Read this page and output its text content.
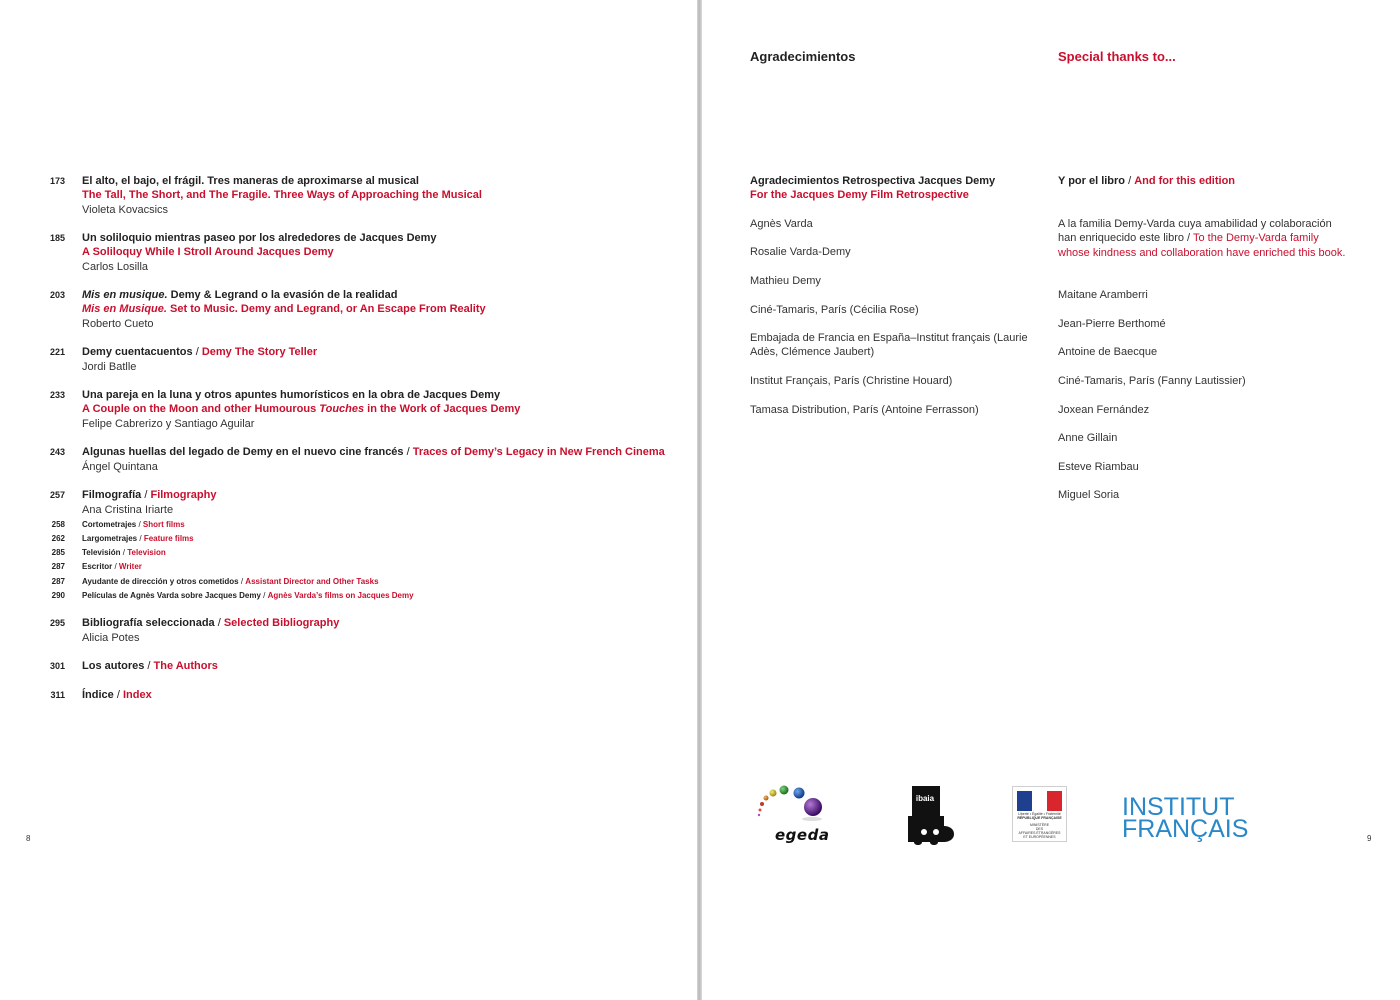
173 El alto, el bajo, el frágil. Tres maneras de aproximarse al musical
The Tall, The Short, and The Fragile. Three Ways of Approaching the Musical
Violeta Kovacsics
185 Un soliloquio mientras paseo por los alrededores de Jacques Demy
A Soliloquy While I Stroll Around Jacques Demy
Carlos Losilla
203 Mis en musique. Demy & Legrand o la evasión de la realidad
Mis en Musique. Set to Music. Demy and Legrand, or An Escape From Reality
Roberto Cueto
221 Demy cuentacuentos / Demy The Story Teller
Jordi Batlle
233 Una pareja en la luna y otros apuntes humorísticos en la obra de Jacques Demy
A Couple on the Moon and other Humourous Touches in the Work of Jacques Demy
Felipe Cabrerizo y Santiago Aguilar
243 Algunas huellas del legado de Demy en el nuevo cine francés / Traces of Demy’s Legacy in New French Cinema
Ángel Quintana
257 Filmografía / Filmography
Ana Cristina Iriarte
258 Cortometrajes / Short films
262 Largometrajes / Feature films
285 Televisión / Television
287 Escritor / Writer
287 Ayudante de dirección y otros cometidos / Assistant Director and Other Tasks
290 Películas de Agnès Varda sobre Jacques Demy / Agnès Varda’s films on Jacques Demy
295 Bibliografía seleccionada / Selected Bibliography
Alicia Potes
301 Los autores / The Authors
311 Índice / Index
8
Agradecimientos	Special thanks to...
Agradecimientos Retrospectiva Jacques Demy
For the Jacques Demy Film Retrospective
Agnès Varda
Rosalie Varda-Demy
Mathieu Demy
Ciné-Tamaris, París (Cécilia Rose)
Embajada de Francia en España–Institut français (Laurie Adès, Clémence Jaubert)
Institut Français, París (Christine Houard)
Tamasa Distribution, París (Antoine Ferrasson)
Y por el libro / And for this edition
A la familia Demy-Varda cuya amabilidad y colaboración han enriquecido este libro / To the Demy-Varda family whose kindness and collaboration have enriched this book.
Maitane Aramberri
Jean-Pierre Berthomé
Antoine de Baecque
Ciné-Tamaris, París (Fanny Lautissier)
Joxean Fernández
Anne Gillain
Esteve Riambau
Miguel Soria
egeda
ibaia
Liberté • Égalité • Fraternité
RÉPUBLIQUE FRANÇAISE
MINISTÈRE
DES
AFFAIRES ÉTRANGÈRES
ET EUROPÉENNES
INSTITUT
FRANÇAIS	9
